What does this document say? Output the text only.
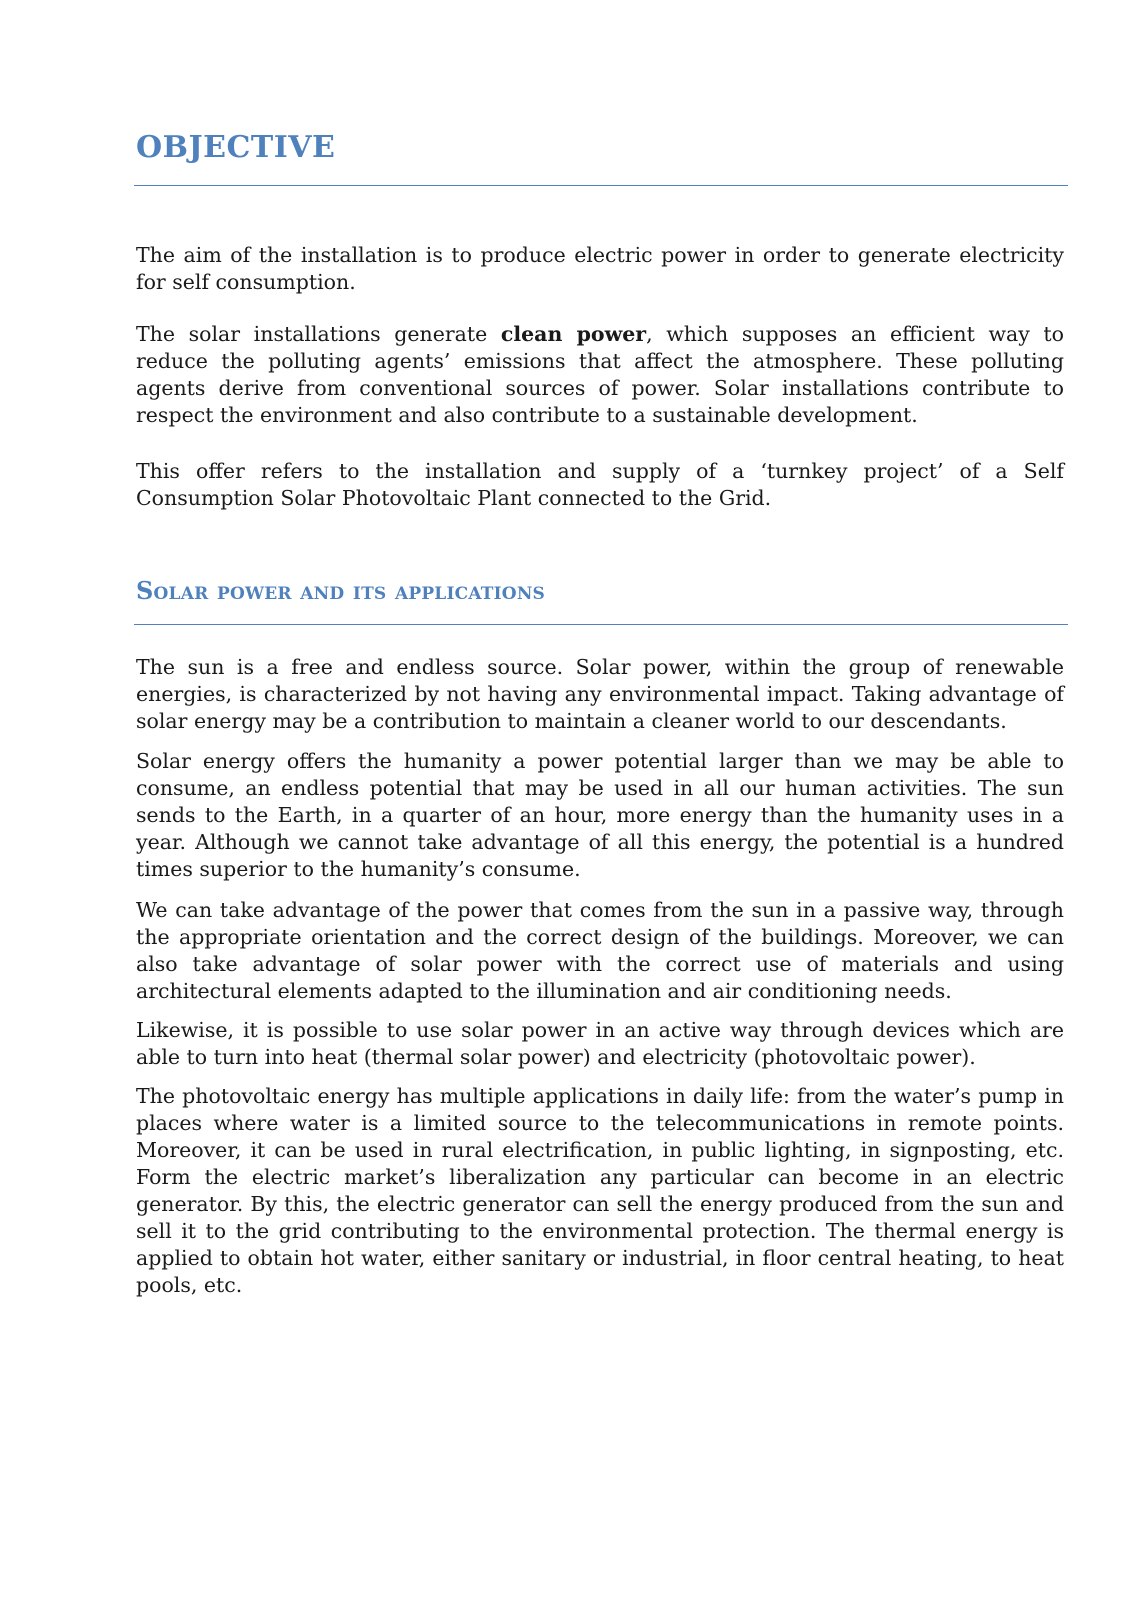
OBJECTIVE

The aim of the installation is to produce electric power in order to generate electricity for self consumption.

The solar installations generate clean power, which supposes an efficient way to reduce the polluting agents’ emissions that affect the atmosphere. These polluting agents derive from conventional sources of power. Solar installations contribute to respect the environment and also contribute to a sustainable development.

This offer refers to the installation and supply of a ‘turnkey project’ of a Self Consumption Solar Photovoltaic Plant connected to the Grid.

Solar power and its applications

The sun is a free and endless source. Solar power, within the group of renewable energies, is characterized by not having any environmental impact. Taking advantage of solar energy may be a contribution to maintain a cleaner world to our descendants.

Solar energy offers the humanity a power potential larger than we may be able to consume, an endless potential that may be used in all our human activities. The sun sends to the Earth, in a quarter of an hour, more energy than the humanity uses in a year. Although we cannot take advantage of all this energy, the potential is a hundred times superior to the humanity’s consume.

We can take advantage of the power that comes from the sun in a passive way, through the appropriate orientation and the correct design of the buildings. Moreover, we can also take advantage of solar power with the correct use of materials and using architectural elements adapted to the illumination and air conditioning needs.

Likewise, it is possible to use solar power in an active way through devices which are able to turn into heat (thermal solar power) and electricity (photovoltaic power).

The photovoltaic energy has multiple applications in daily life: from the water’s pump in places where water is a limited source to the telecommunications in remote points. Moreover, it can be used in rural electrification, in public lighting, in signposting, etc. Form the electric market’s liberalization any particular can become in an electric generator. By this, the electric generator can sell the energy produced from the sun and sell it to the grid contributing to the environmental protection. The thermal energy is applied to obtain hot water, either sanitary or industrial, in floor central heating, to heat pools, etc.
